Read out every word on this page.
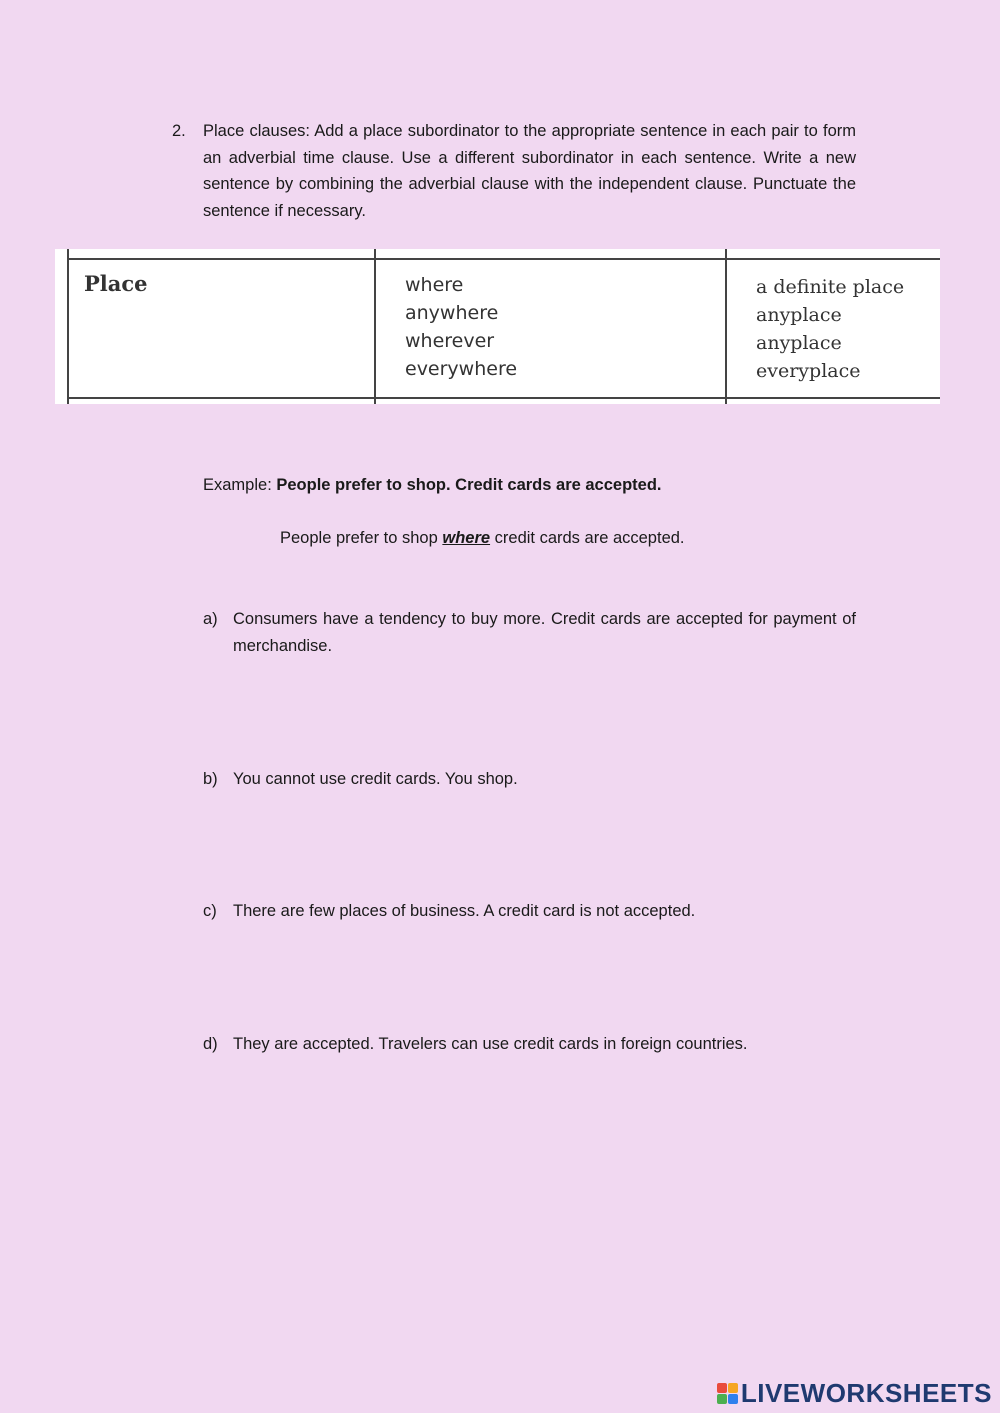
2. Place clauses: Add a place subordinator to the appropriate sentence in each pair to form an adverbial time clause. Use a different subordinator in each sentence. Write a new sentence by combining the adverbial clause with the independent clause. Punctuate the sentence if necessary.
Place	where
anywhere
wherever
everywhere
a definite place
anyplace
anyplace
everyplace
Example: People prefer to shop. Credit cards are accepted.
People prefer to shop where credit cards are accepted.
a) Consumers have a tendency to buy more. Credit cards are accepted for payment of merchandise.
b) You cannot use credit cards. You shop.
c) There are few places of business. A credit card is not accepted.
d) They are accepted. Travelers can use credit cards in foreign countries.
LIVEWORKSHEETS
